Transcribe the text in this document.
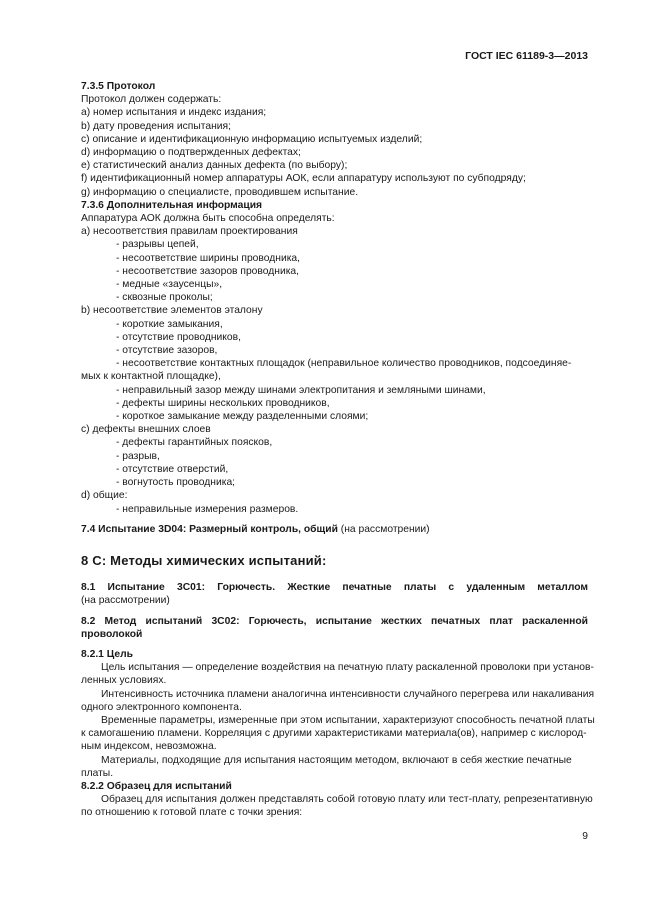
ГОСТ IEC 61189-3—2013
7.3.5 Протокол
Протокол должен содержать:
а) номер испытания и индекс издания;
b) дату проведения испытания;
с) описание и идентификационную информацию испытуемых изделий;
d) информацию о подтвержденных дефектах;
е) статистический анализ данных дефекта (по выбору);
f) идентификационный номер аппаратуры АОК, если аппаратуру используют по субподряду;
g) информацию о специалисте, проводившем испытание.
7.3.6 Дополнительная информация
Аппаратура АОК должна быть способна определять:
а) несоответствия правилам проектирования
- разрывы цепей,
- несоответствие ширины проводника,
- несоответствие зазоров проводника,
- медные «заусенцы»,
- сквозные проколы;
b) несоответствие элементов эталону
- короткие замыкания,
- отсутствие проводников,
- отсутствие зазоров,
- несоответствие контактных площадок (неправильное количество проводников, подсоединяе-
мых к контактной площадке),
- неправильный зазор между шинами электропитания и земляными шинами,
- дефекты ширины нескольких проводников,
- короткое замыкание между разделенными слоями;
с) дефекты внешних слоев
- дефекты гарантийных поясков,
- разрыв,
- отсутствие отверстий,
- вогнутость проводника;
d) общие:
- неправильные измерения размеров.
7.4 Испытание 3D04: Размерный контроль, общий (на рассмотрении)
8 С: Методы химических испытаний:
8.1 Испытание 3C01: Горючесть. Жесткие печатные платы с удаленным металлом
(на рассмотрении)
8.2 Метод испытаний 3C02: Горючесть, испытание жестких печатных плат раскаленной
проволокой
8.2.1 Цель
Цель испытания — определение воздействия на печатную плату раскаленной проволоки при установ-
ленных условиях.
Интенсивность источника пламени аналогична интенсивности случайного перегрева или накаливания
одного электронного компонента.
Временные параметры, измеренные при этом испытании, характеризуют способность печатной платы
к самогашению пламени. Корреляция с другими характеристиками материала(ов), например с кислород-
ным индексом, невозможна.
Материалы, подходящие для испытания настоящим методом, включают в себя жесткие печатные
платы.
8.2.2 Образец для испытаний
Образец для испытания должен представлять собой готовую плату или тест-плату, репрезентативную
по отношению к готовой плате с точки зрения:
9
